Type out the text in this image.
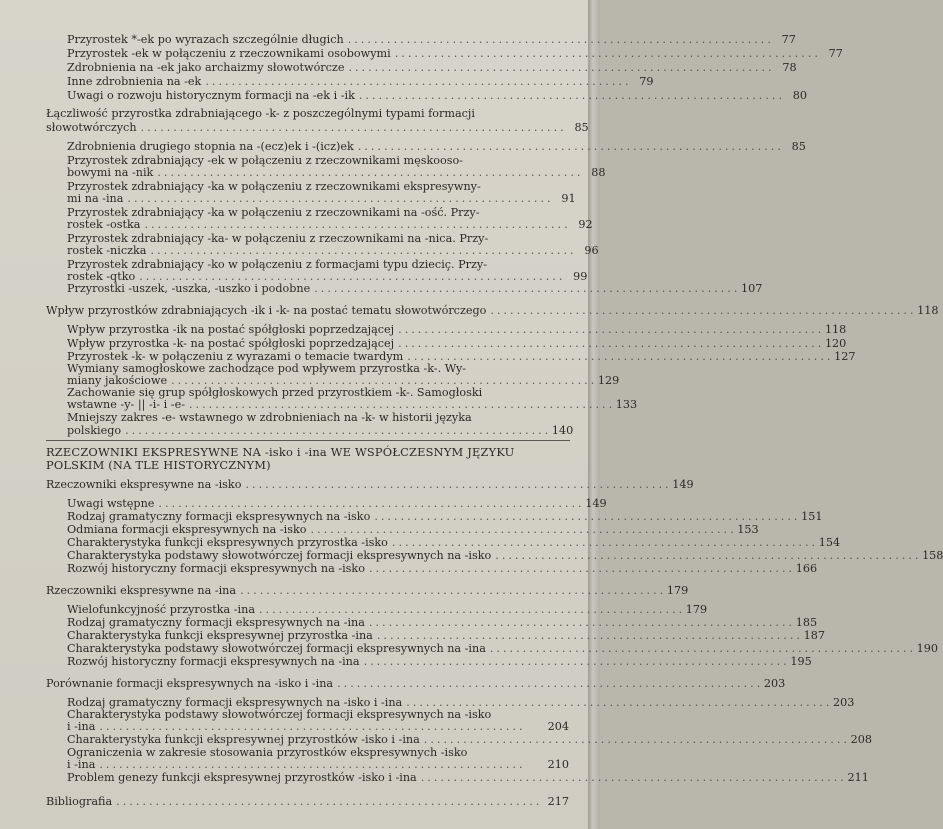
Przyrostek *-ek po wyrazach szczególnie długich ................................................................. 77
Przyrostek -ek w połączeniu z rzeczownikami osobowymi ................................................................. 77
Zdrobnienia na -ek jako archaizmy słowotwórcze ................................................................. 78
Inne zdrobnienia na -ek ................................................................. 79
Uwagi o rozwoju historycznym formacji na -ek i -ik ................................................................. 80
Łączliwość przyrostka zdrabniającego -k- z poszczególnymi typami formacji
słowotwórczych ................................................................. 85
Zdrobnienia drugiego stopnia na -(ecz)ek i -(icz)ek ................................................................. 85
Przyrostek zdrabniający -ek w połączeniu z rzeczownikami męskooso-
bowymi na -nik ................................................................. 88
Przyrostek zdrabniający -ka w połączeniu z rzeczownikami ekspresywny-
mi na -ina ................................................................. 91
Przyrostek zdrabniający -ka w połączeniu z rzeczownikami na -ość. Przy-
rostek -ostka ................................................................. 92
Przyrostek zdrabniający -ka- w połączeniu z rzeczownikami na -nica. Przy-
rostek -niczka ................................................................. 96
Przyrostek zdrabniający -ko w połączeniu z formacjami typu dzieciç. Przy-
rostek -qtko ................................................................. 99
Przyrostki -uszek, -uszka, -uszko i podobne ................................................................. 107
Wpływ przyrostków zdrabniających -ik i -k- na postać tematu słowotwórczego ................................................................. 118
Wpływ przyrostka -ik na postać spółgłoski poprzedzającej ................................................................. 118
Wpływ przyrostka -k- na postać spółgłoski poprzedzającej ................................................................. 120
Przyrostek -k- w połączeniu z wyrazami o temacie twardym ................................................................. 127
Wymiany samogłoskowe zachodzące pod wpływem przyrostka -k-. Wy-
miany jakościowe ................................................................. 129
Zachowanie się grup spółgłoskowych przed przyrostkiem -k-. Samogłoski
wstawne -y- || -i- i -e- ................................................................. 133
Mniejszy zakres -e- wstawnego w zdrobnieniach na -k- w historii języka
polskiego ................................................................. 140
RZECZOWNIKI EKSPRESYWNE NA -isko i -ina WE WSPÓŁCZESNYM JĘZYKU
POLSKIM (NA TLE HISTORYCZNYM)
Rzeczowniki ekspresywne na -isko ................................................................. 149
Uwagi wstępne ................................................................. 149
Rodzaj gramatyczny formacji ekspresywnych na -isko ................................................................. 151
Odmiana formacji ekspresywnych na -isko ................................................................. 153
Charakterystyka funkcji ekspresywnych przyrostka -isko ................................................................. 154
Charakterystyka podstawy słowotwórczej formacji ekspresywnych na -isko ................................................................. 158
Rozwój historyczny formacji ekspresywnych na -isko ................................................................. 166
Rzeczowniki ekspresywne na -ina ................................................................. 179
Wielofunkcyjność przyrostka -ina ................................................................. 179
Rodzaj gramatyczny formacji ekspresywnych na -ina ................................................................. 185
Charakterystyka funkcji ekspresywnej przyrostka -ina ................................................................. 187
Charakterystyka podstawy słowotwórczej formacji ekspresywnych na -ina ................................................................. 190
Rozwój historyczny formacji ekspresywnych na -ina ................................................................. 195
Porównanie formacji ekspresywnych na -isko i -ina ................................................................. 203
Rodzaj gramatyczny formacji ekspresywnych na -isko i -ina ................................................................. 203
Charakterystyka podstawy słowotwórczej formacji ekspresywnych na -isko
i -ina .................................................................	204
Charakterystyka funkcji ekspresywnej przyrostków -isko i -ina ................................................................. 208
Ograniczenia w zakresie stosowania przyrostków ekspresywnych -isko
i -ina .................................................................	210
Problem genezy funkcji ekspresywnej przyrostków -isko i -ina ................................................................. 211
Bibliografia ................................................................. 217
